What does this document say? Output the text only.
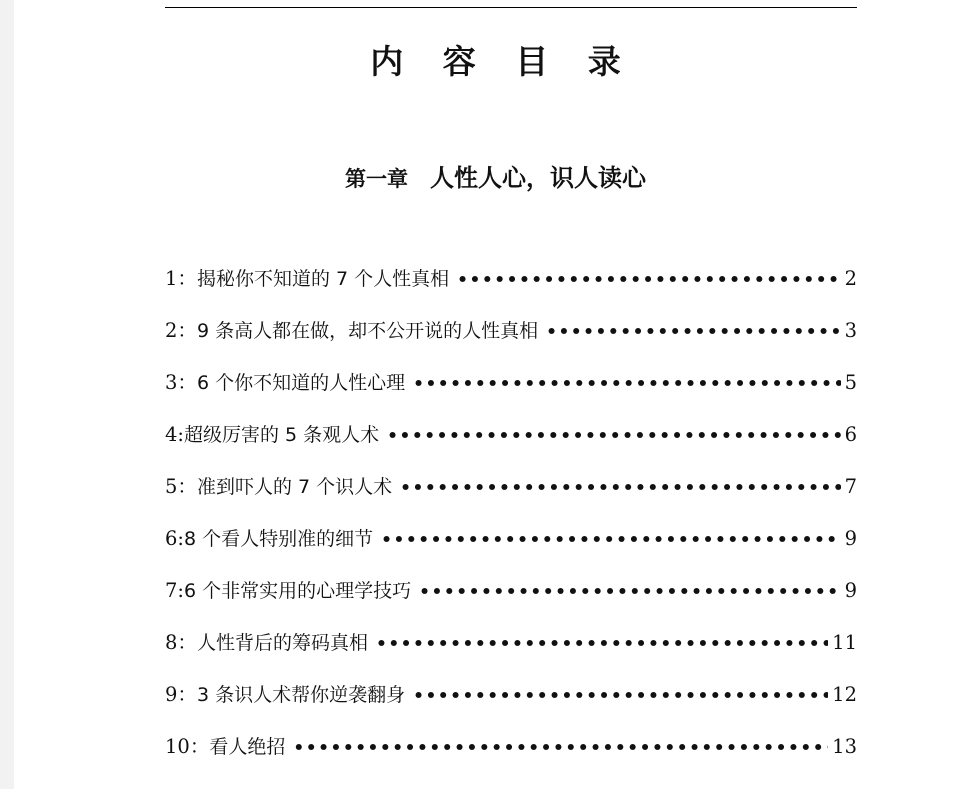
内 容 目 录
第一章 人性人心，识人读心
1 ： 揭秘你不知道的 7 个人性真相 •••••	2
2 ： 9 条高人都在做，却不公开说的人性真相 •••••	3
3 ： 6 个你不知道的人性心理 •••••	5
4 : 超级厉害的 5 条观人术 •••••	6
5 ： 准到吓人的 7 个识人术 •••••	7
6 : 8 个看人特别准的细节 •••••	9
7 : 6 个非常实用的心理学技巧 •••••	9
8 ： 人性背后的筹码真相 •••••	11
9 ： 3 条识人术帮你逆袭翻身 •••••	12
10 ： 看人绝招 •••••	13
